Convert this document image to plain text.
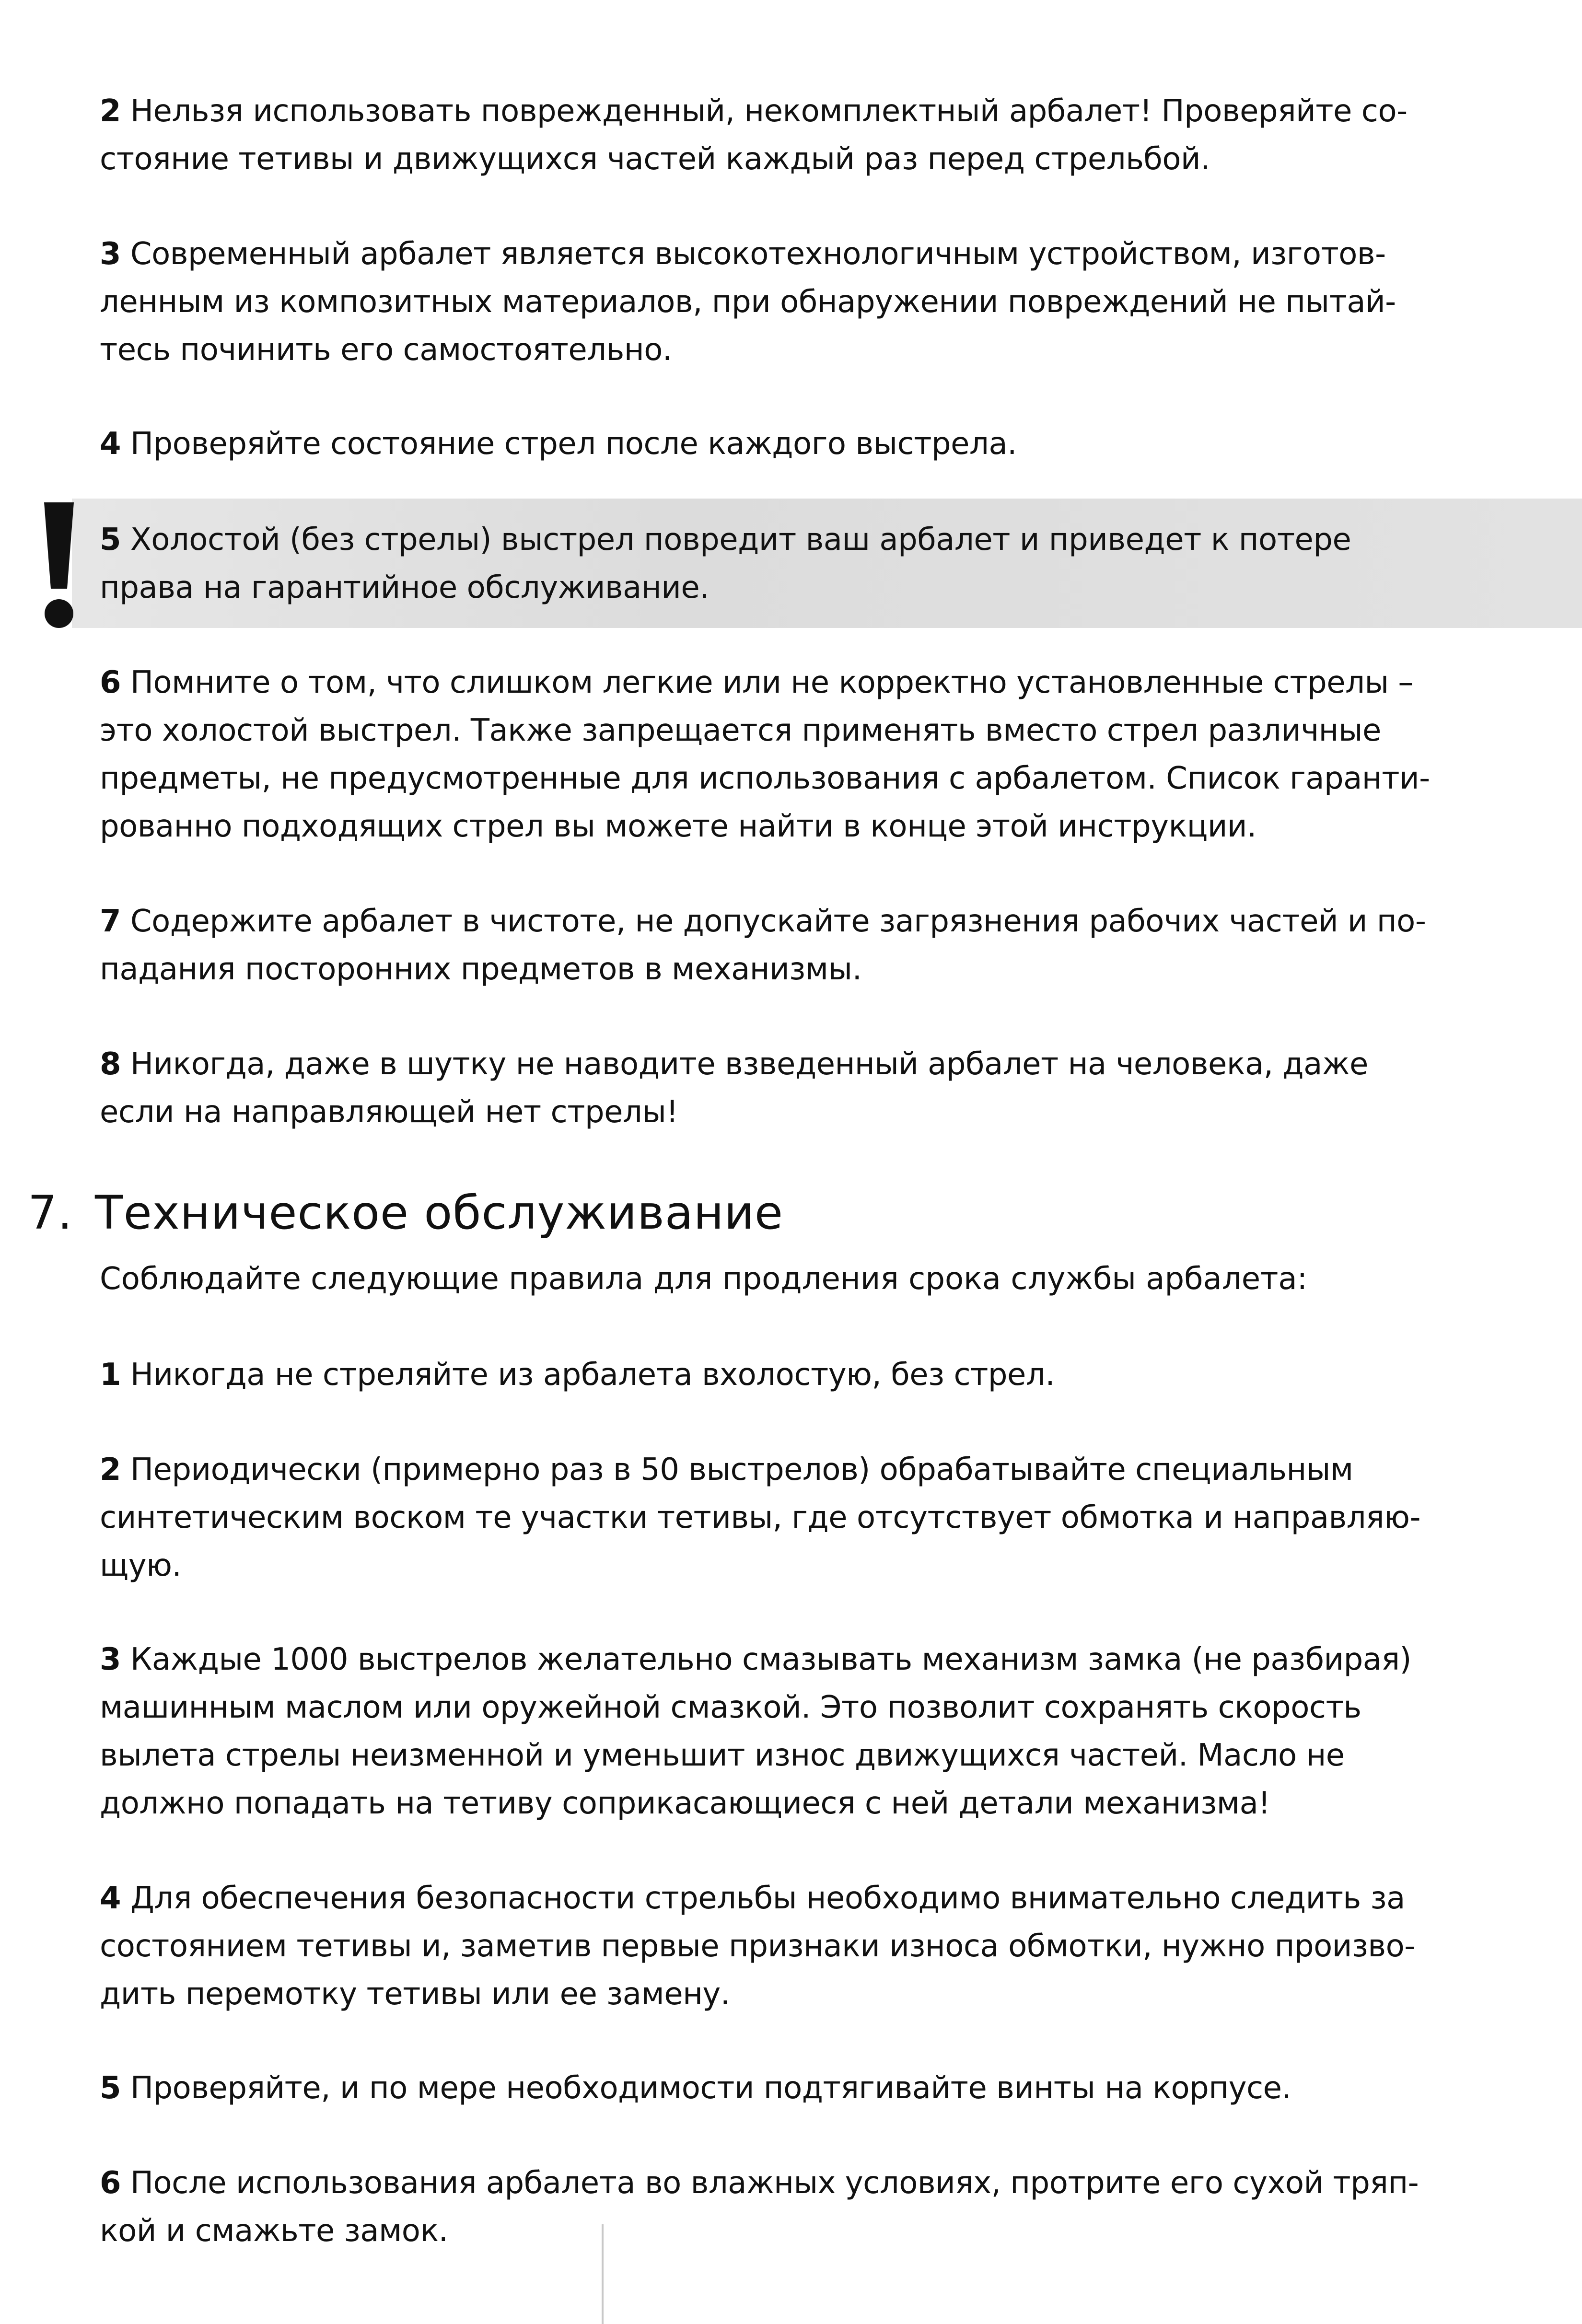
2 Нельзя использовать поврежденный, некомплектный арбалет! Проверяйте со-
стояние тетивы и движущихся частей каждый раз перед стрельбой.

3 Современный арбалет является высокотехнологичным устройством, изготов-
ленным из композитных материалов, при обнаружении повреждений не пытай-
тесь починить его самостоятельно.

4 Проверяйте состояние стрел после каждого выстрела.

5 Холостой (без стрелы) выстрел повредит ваш арбалет и приведет к потере
права на гарантийное обслуживание.

6 Помните о том, что слишком легкие или не корректно установленные стрелы –
это холостой выстрел. Также запрещается применять вместо стрел различные
предметы, не предусмотренные для использования с арбалетом. Список гаранти-
рованно подходящих стрел вы можете найти в конце этой инструкции.

7 Содержите арбалет в чистоте, не допускайте загрязнения рабочих частей и по-
падания посторонних предметов в механизмы.

8 Никогда, даже в шутку не наводите взведенный арбалет на человека, даже
если на направляющей нет стрелы!

7. Техническое обслуживание

Соблюдайте следующие правила для продления срока службы арбалета:

1 Никогда не стреляйте из арбалета вхолостую, без стрел.

2 Периодически (примерно раз в 50 выстрелов) обрабатывайте специальным
синтетическим воском те участки тетивы, где отсутствует обмотка и направляю-
щую.

3 Каждые 1000 выстрелов желательно смазывать механизм замка (не разбирая)
машинным маслом или оружейной смазкой. Это позволит сохранять скорость
вылета стрелы неизменной и уменьшит износ движущихся частей. Масло не
должно попадать на тетиву соприкасающиеся с ней детали механизма!

4 Для обеспечения безопасности стрельбы необходимо внимательно следить за
состоянием тетивы и, заметив первые признаки износа обмотки, нужно произво-
дить перемотку тетивы или ее замену.

5 Проверяйте, и по мере необходимости подтягивайте винты на корпусе.

6 После использования арбалета во влажных условиях, протрите его сухой тряп-
кой и смажьте замок.
